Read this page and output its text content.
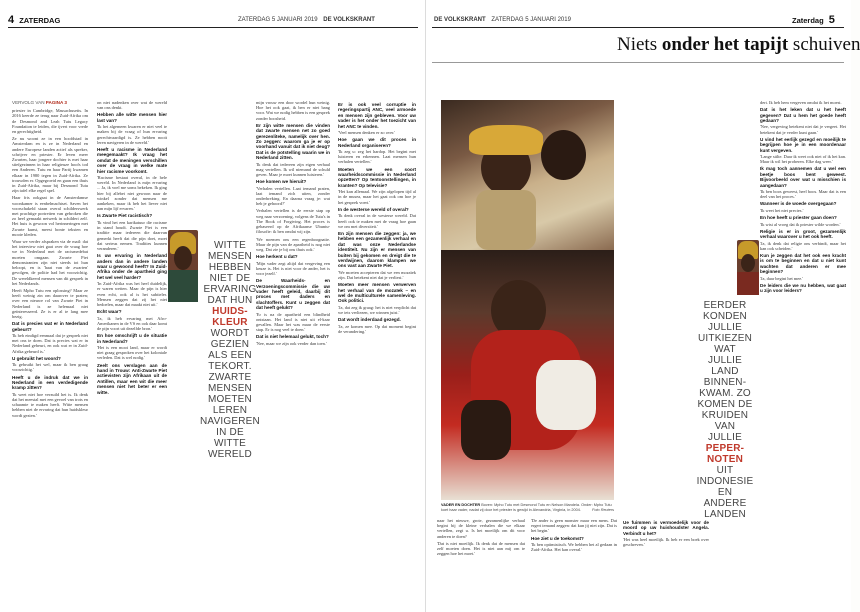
4 ZATERDAG	ZATERDAG 5 JANUARI 2019 DE VOLKSKRANT	DE VOLKSKRANT ZATERDAG 5 JANUARI 2019	Zaterdag 5
Niets onder het tapijt schuiven
VERVOLG VAN PAGINA 3

priester in Cambridge, Massachusetts. In 2016 keerde ze terug naar Zuid-Afrika om de Desmond and Leah Tutu Legacy Foundation te leiden, die ijvert voor vrede en gerechtigheid.

Ze nu woont ze in een hoofdstad in Amsterdam en is ze in Nederland en andere Europese landen actief als spreker, schrijver en priester. Er leven meer Zwarten, haar jongere dochter is met haar stiefgezinnen in haar religieuze hoofs tod een Anderen. Tutu en haar Partij kwamen elkaar in 1980 tegen in Zuid-Afrika. Ze trouwden er. Opgegroeid en gaan een thuis in Zuid-Afrika, maar bij Desmond Tutu zijn tafel elke regel spel.

Haar fris ookgaat in de Amsterdamse woonkamer is eenbelmachtset. Saven het voorschakeld staan overal schilderswerk met prachtige portretten van gebroken die zo heel gemaakt netwerk in schilderi zelf. Het huis is gewoon vol herinneringen met Zwarte kunst, meest bonte teksten en mooie kleden.

Waar we verder afspraken via de mail: dat het interview niet gaat over de vraag hoe we in Nederland met de racismedebat moeten omgaan. Zwarte Piet demonstranten zijn niet steeds tot hun beloopt, en is 'haat van de zwarten' gevolgen, de politie had het voorzichtig. De wereldkeerd mensen van dit gesprek in het Nederlands.

Heeft Mpho Tutu een oplossing? Maar ze heeft weinig zin om daarover te praten; over een nieuwe rol van Zwarte Piet in Nederland is ze helemaal niet geïnteresseerd. Ze is er al te lang mee bezig.

Dat is precies wat er in Nederland gebeurt?

'Ik heb eindigd eenmaal dat je gesprek niet met ons te doen. Dat is precies wat er in Nederland gebeurt, en ook wat er in Zuid-Afrika gebeurd is.'

U gebruikt het woord?

'Ik gebruikt het wel, maar ik ben graag voorzichtig.'

Heeft u de indruk dat we in Nederland in een verdedigende kramp zitten?

'Ik weet niet hoe verzuild het is. Ik denk dat het meestal met een gevoel van trots en schaamte te maken heeft. Witte mensen hebben niet de ervaring dat hun huidskleur wordt gezien.'

on niet nadenken over wat de wereld van ons denkt.

Hebben alle witte mensen hier last van?

'Ik het algemeen kwaren er niet veel te maken bij de vraag of hun ervaring gerechtvaardigd is. Ze hebben nooit leren navigeren in de wereld.'

Heeft u racisme in Nederland meegemaakt? Ik vraag het omdat de meningen verschillen over de vraag in welke mate hier racisme voorkomt.

'Racisme bestaat overal, in de hele wereld. In Nederland is mijn ervaring ... Ja, ik voel me soms bekeken. Ik ging hier bij allebei niet gewoon naar de winkel zonder dat mensen me aankeken, maar ik heb het liever niet aan mijn lijf ervaren.'

Is Zwarte Piet racistisch?

'Ik vind het een karikatuur die racisme in stand houdt. Zwarte Piet is een traditie maar iedereen die daarvan gemerkt heeft dat die pijn doet, moet dat serieus nemen. Tradities kunnen veranderen.'

Is uw ervaring in Nederland anders dan in andere landen waar u gewoond heeft? In Zuid-Afrika onder de apartheid ging het wel veel harder?

'In Zuid-Afrika was het heel duidelijk, er waren wetten. Maar de pijn is hier even echt, ook al is het subtieler. Mensen zeggen dat zij het niet bedoelen, maar dat maakt niet uit.'

Echt waar?

'Ja, ik heb ervaring met Afro-Amerikanen in de VS en ook daar komt de pijn voort uit dezelfde bron.'

En hoe omschrijft u de situatie in Nederland?

'Het is een mooi land, maar er wordt niet graag gesproken over het koloniale verleden. Dat is wel nodig.'

Zeelt ons verslagen aan de hand in Trouw: Anti-Zwarte Piet actievisten zijn Afrikaan uit de Antillen, maar een wit die meer mensen niet het beter er een witte.
WITTE
MENSEN
HEBBEN
NIET DE
ERVARING
DAT HUN
HUIDS-
KLEUR
WORDT
GEZIEN
ALS EEN
TEKORT.
ZWARTE
MENSEN
MOETEN
LEREN
NAVIGEREN
IN DE
WITTE
WERELD

mijn vrouw een door wordel hun weinig. Hoe het ook gaat, ik ben er niet bang voor. Wat we nodig hebben is een gesprek zonder boosheid.

Er zijn witte mensen die vinden dat zwarte mensen net zo goed gerezenliteke, namelijk over hen. Zo zeggen: waarom ga je er op voorhand vanuit dat ik niet deug? Dat is de potstelling waarin we in Nederland zitten.

'Ik denk dat iedereen zijn eigen verhaal mag vertellen. Ik wil niemand de schuld geven. Maar je moet kunnen luisteren.'

Hoe komen we hieruit?

'Verhalen vertellen. Laat iemand praten, laat iemand zich uiten, zonder onderbreking. En daarna vraag je: wat heb je gehoord?'

Verhalen vertellen is de eerste stap op weg naar verzoening, volgens de Tutu's in The Book of Forgiving. Het proces is gebaseerd op de Afrikaanse Ubuntu-filosofie: ik ben omdat wij zijn.

'We noemen ons een regenboognatie. Maar de pijn van de apartheid is nog niet weg. Dat zie je bij ons thuis ook.'

Hoe herkent u dat?

'Mijn vader zegt altijd dat vergeving een keuze is. Het is niet voor de ander, het is voor jezelf.'

De Waarheids- en Verzoeningscommissie die uw vader heeft geleid, daarbij dit proces met daders en slachtoffers. Kunt u zeggen dat dat heeft gelukt?

'Er is na de apartheid een blindheid ontstaan. Het land is niet uit el-kaar gevallen. Maar het was maar de eerste stap. Er is nog veel te doen.'

Dat is niet helemaal gelukt, toch?

'Nee, maar we zijn ook verder dan toen.'

Er is ook veel corruptie in regeringspartij ANC, veel armoede en mensen zijn gebleven. Voor uw vader is het onder het toezicht van het ANC te vinden.

'Veel mensen denken er zo over.'

Hoe gaan we dit proces in Nederland organiseren?

'Ik zeg u: zeg het hardop. Het begint met luisteren en erkennen. Laat mensen hun verhalen vertellen.'

Moeten we een soort waarheidscommissie in Nederland opzetten? Op tentoonstellingen, in kranten? Op televisie?

'Het kan allemaal. We zijn afgelopen tijd al in de musea, maar het gaat ook om hoe je het gesprek voert.'

In de westerse wereld of overal?

'Ik denk overal in de westerse wereld. Dat heeft ook te maken met de vraag hoe gaan we om met diversiteit.'

En zijn mensen die zeggen: ja, we hebben een gezamenlijk verhaal en dat was onze Nederlandse identiteit. Nu zijn er mensen van buiten bij gekomen en dreigt die te verdwijnen, daarom klampen we ons vast aan Zwarte Piet.

'We moeten accepteren dat we een mozaïek zijn. Dat betekent niet dat je verliest.'

Moeten meer mensen verwerven het verhaal van de mozaïek – en wel de multiculturele samenleving. Ook politici.

'Ja, dat zeg ik graag: het is niet verplicht dat we iets verliezen, we winnen juist.'

Dat wordt inderdaad gezegd.

'Ja, ze komen mee. Op dat moment begint de verandering.'

naar het nieuwe, grote, gezamenlijke verhaal begint bij de kleine verhalen die we elkaar vertellen, zegt u. Is het moeilijk om dit voor anderen te doen?

'Dat is niet moeilijk. Ik denk dat de mensen dat zelf moeten doen. Het is niet aan mij om te zeggen hoe het moet.'

'De ander is geen monster maar een mens. Dat ergert iemand zeggen: dat kun jij niet zijn. Dat is het begin.'

Hoe ziet u de toekomst?

'Ik ben optimistisch. We hebben het al gedaan in Zuid-Afrika. Het kan overal.'

Ue fuimmen is vermoedelijk voor de moord op uw huishoudster Angela. Verbindt u het?

'Het was heel moeilijk. Ik heb er een boek over geschreven.'

dert. Ik heb hem vergeven omdat ik het moest.

Dat is het leken dat u het heeft gegeven? Dat u hem het goede heeft gedaan?

'Nee, vergeving betekent niet dat je vergeet. Het betekent dat je verder kunt gaan.'

U vind het eerlijk gezegd en moeilijk te begrijpen hoe je in een moordenaar kunt vergeven.

'Lange stilte. Daar ik weet ook niet of ik het kan. Maar ik wil het proberen. Elke dag weer.'

Ik mag toch aannemen dat u wel een beetje boos bent geweest. Bijvoorbeeld over wat u misschien is aangedaan?

'Ik ben boos geweest, heel boos. Maar dat is een deel van het proces.'

Wanneer is de woede overgegaan?

'Ik weet het niet precies.'

En hoe heeft u priester gaan doen?

'Ik wist al vroeg dat ik priester wilde worden.'

Religie is er in groot, gezamenlijk verhaal waarover u het ook heeft.

'Ja, ik denk dat religie ons verbindt, maar het kan ook scheiden.'

Kun je zeggen dat het ook een kracht is om te beginnen en dat u niet kunt wachten dat anderen er mee beginnen?

'Ja, daar begint het mee.'

De leiders die we nu hebben, wat gaat u zijn voor leiders?
VADER EN DOCHTER Boven: Mpho Tutu met Desmond Tutu en Nelson Mandela. Onder: Mpho Tutu koet haar vader, nadat zij door het priester is gewijd in Alexandria, Virginia, in 2004.	Foto Reuters
EERDER
KONDEN
JULLIE
UITKIEZEN
WAT
JULLIE
LAND
BINNEN-
KWAM. ZO
KOMEN DE
KRUIDEN
VAN
JULLIE
PEPER-
NOTEN
UIT
INDONESIE
EN
ANDERE
LANDEN
